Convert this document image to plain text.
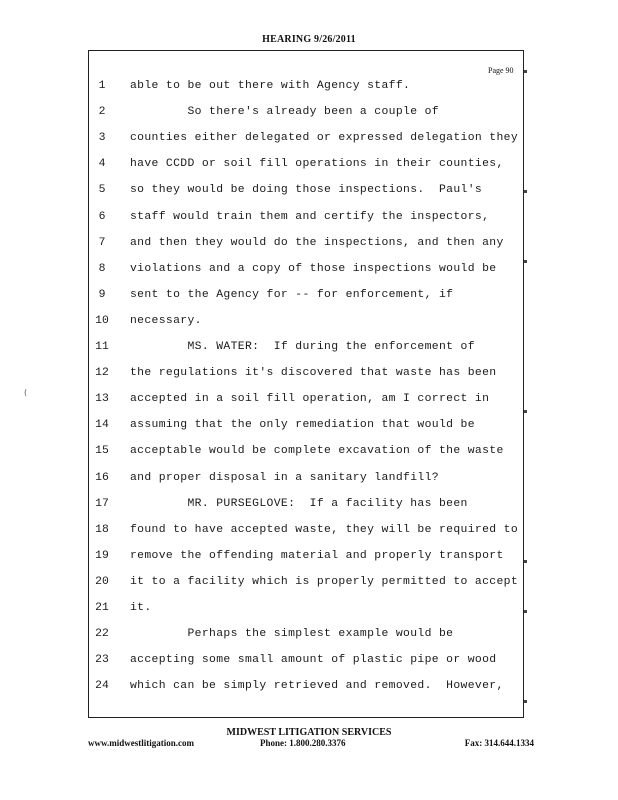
HEARING 9/26/2011
Page 90
(
1	able to be out there with Agency staff.
2	So there's already been a couple of
3	counties either delegated or expressed delegation they
4	have CCDD or soil fill operations in their counties,
5	so they would be doing those inspections.  Paul's
6	staff would train them and certify the inspectors,
7	and then they would do the inspections, and then any
8	violations and a copy of those inspections would be
9	sent to the Agency for -- for enforcement, if
10 necessary.
11 MS. WATER:  If during the enforcement of
12 the regulations it's discovered that waste has been
13 accepted in a soil fill operation, am I correct in
14 assuming that the only remediation that would be
15 acceptable would be complete excavation of the waste
16 and proper disposal in a sanitary landfill?
17 MR. PURSEGLOVE:  If a facility has been
18 found to have accepted waste, they will be required to
19 remove the offending material and properly transport
20 it to a facility which is properly permitted to accept
21 it.
22 Perhaps the simplest example would be
23 accepting some small amount of plastic pipe or wood
24 which can be simply retrieved and removed.  However,
MIDWEST LITIGATION SERVICES
www.midwestlitigation.com	Phone: 1.800.280.3376	Fax: 314.644.1334
